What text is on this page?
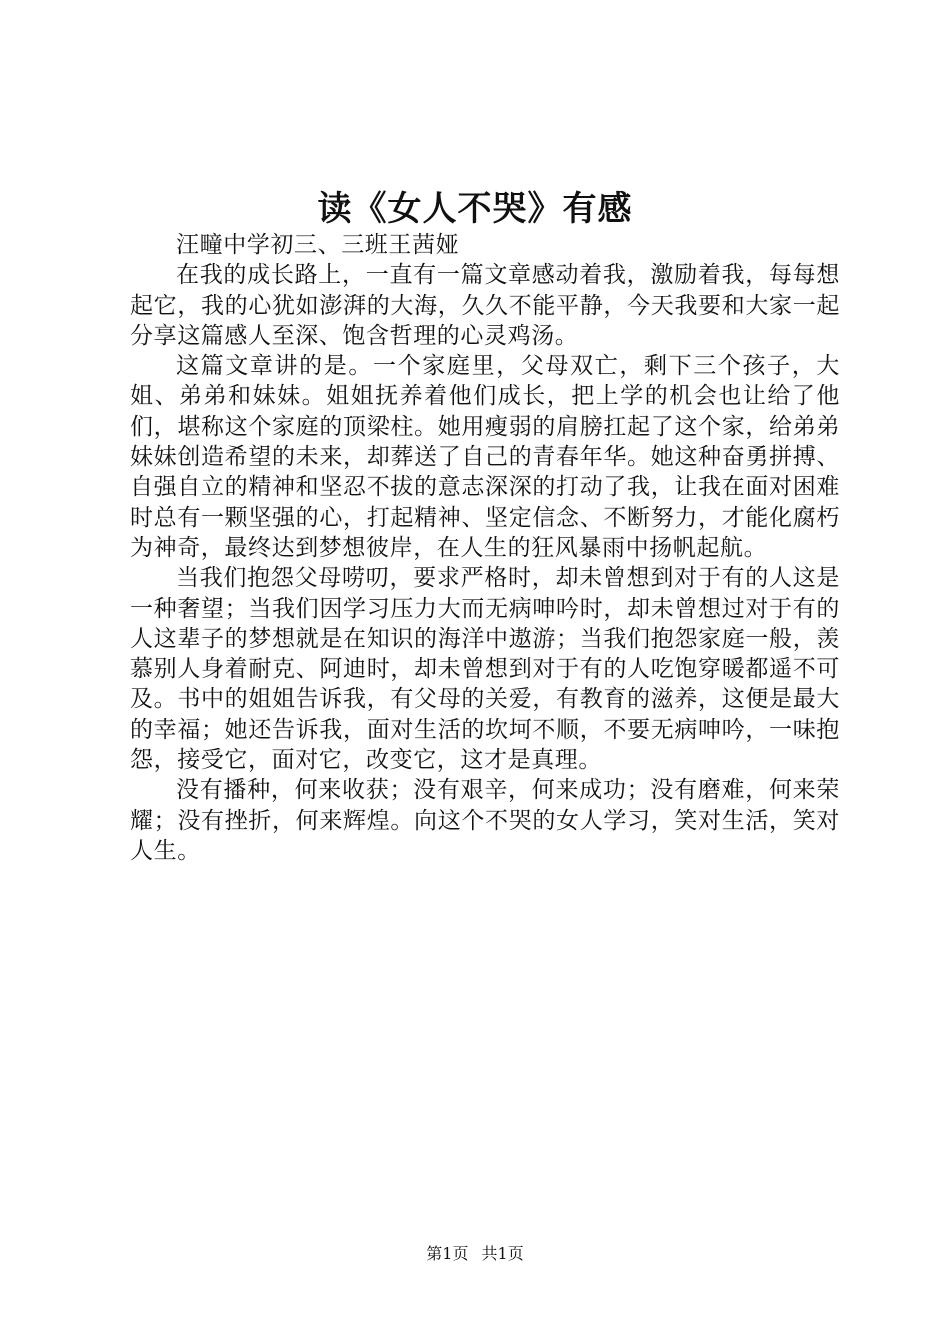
读《女人不哭》有感

汪疃中学初三、三班王茜娅

在我的成长路上，一直有一篇文章感动着我，激励着我，每每想起它，我的心犹如澎湃的大海，久久不能平静，今天我要和大家一起分享这篇感人至深、饱含哲理的心灵鸡汤。

这篇文章讲的是。一个家庭里，父母双亡，剩下三个孩子，大姐、弟弟和妹妹。姐姐抚养着他们成长，把上学的机会也让给了他们，堪称这个家庭的顶梁柱。她用瘦弱的肩膀扛起了这个家，给弟弟妹妹创造希望的未来，却葬送了自己的青春年华。她这种奋勇拼搏、自强自立的精神和坚忍不拔的意志深深的打动了我，让我在面对困难时总有一颗坚强的心，打起精神、坚定信念、不断努力，才能化腐朽为神奇，最终达到梦想彼岸，在人生的狂风暴雨中扬帆起航。

当我们抱怨父母唠叨，要求严格时，却未曾想到对于有的人这是一种奢望；当我们因学习压力大而无病呻吟时，却未曾想过对于有的人这辈子的梦想就是在知识的海洋中遨游；当我们抱怨家庭一般，羡慕别人身着耐克、阿迪时，却未曾想到对于有的人吃饱穿暖都遥不可及。书中的姐姐告诉我，有父母的关爱，有教育的滋养，这便是最大的幸福；她还告诉我，面对生活的坎坷不顺，不要无病呻吟，一味抱怨，接受它，面对它，改变它，这才是真理。

没有播种，何来收获；没有艰辛，何来成功；没有磨难，何来荣耀；没有挫折，何来辉煌。向这个不哭的女人学习，笑对生活，笑对人生。

第1页 共1页
